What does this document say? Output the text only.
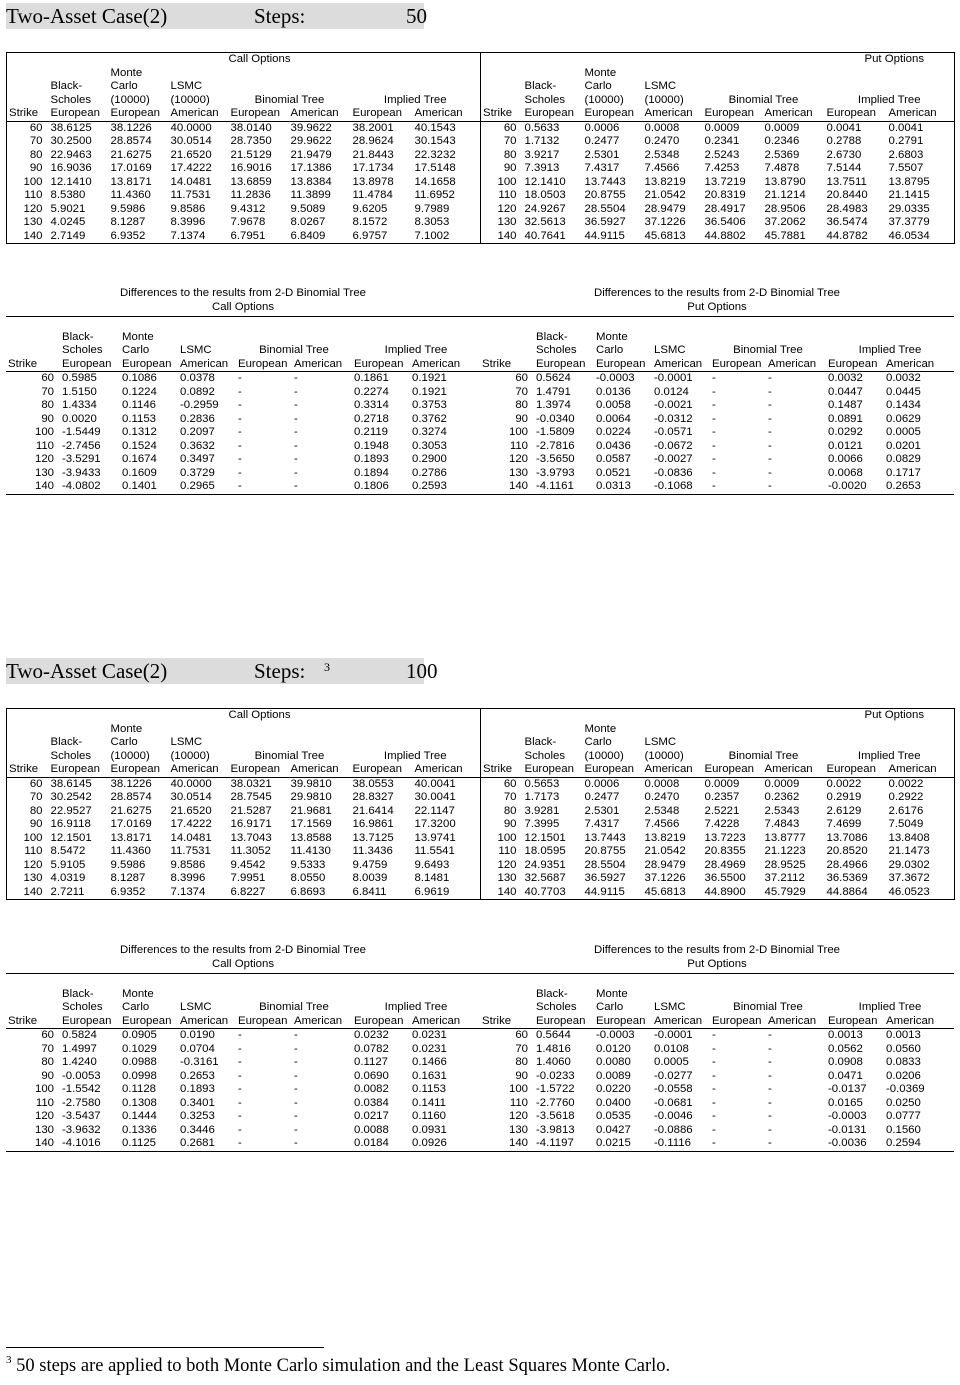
Two-Asset Case(2)	Steps:	50
				Call Options			
		Monte					
	Black-	Carlo	LSMC				
	Scholes	(10000)	(10000)	Binomial Tree		Implied Tree	
Strike	European	European	American	European	American	European	American
60	38.6125	38.1226	40.0000	38.0140	39.9622	38.2001	40.1543
70	30.2500	28.8574	30.0514	28.7350	29.9622	28.9624	30.1543
80	22.9463	21.6275	21.6520	21.5129	21.9479	21.8443	22.3232
90	16.9036	17.0169	17.4222	16.9016	17.1386	17.1734	17.5148
100	12.1410	13.8171	14.0481	13.6859	13.8384	13.8978	14.1658
110	8.5380	11.4360	11.7531	11.2836	11.3899	11.4784	11.6952
120	5.9021	9.5986	9.8586	9.4312	9.5089	9.6205	9.7989
130	4.0245	8.1287	8.3996	7.9678	8.0267	8.1572	8.3053
140	2.7149	6.9352	7.1374	6.7951	6.8409	6.9757	7.1002
				Put Options			
		Monte					
	Black-	Carlo	LSMC				
	Scholes	(10000)	(10000)	Binomial Tree		Implied Tree	
Strike	European	European	American	European	American	European	American
60	0.5633	0.0006	0.0008	0.0009	0.0009	0.0041	0.0041
70	1.7132	0.2477	0.2470	0.2341	0.2346	0.2788	0.2791
80	3.9217	2.5301	2.5348	2.5243	2.5369	2.6730	2.6803
90	7.3913	7.4317	7.4566	7.4253	7.4878	7.5144	7.5507
100	12.1410	13.7443	13.8219	13.7219	13.8790	13.7511	13.8795
110	18.0503	20.8755	21.0542	20.8319	21.1214	20.8440	21.1415
120	24.9267	28.5504	28.9479	28.4917	28.9506	28.4983	29.0335
130	32.5613	36.5927	37.1226	36.5406	37.2062	36.5474	37.3779
140	40.7641	44.9115	45.6813	44.8802	45.7881	44.8782	46.0534
Differences to the results from 2-D Binomial Tree
Call Options

	Black-	Monte					
	Scholes	Carlo	LSMC	Binomial Tree		Implied Tree	
Strike	European	European	American	European	American	European	American
60	0.5985	0.1086	0.0378	-	-	0.1861	0.1921
70	1.5150	0.1224	0.0892	-	-	0.2274	0.1921
80	1.4334	0.1146	-0.2959	-	-	0.3314	0.3753
90	0.0020	0.1153	0.2836	-	-	0.2718	0.3762
100	-1.5449	0.1312	0.2097	-	-	0.2119	0.3274
110	-2.7456	0.1524	0.3632	-	-	0.1948	0.3053
120	-3.5291	0.1674	0.3497	-	-	0.1893	0.2900
130	-3.9433	0.1609	0.3729	-	-	0.1894	0.2786
140	-4.0802	0.1401	0.2965	-	-	0.1806	0.2593
Differences to the results from 2-D Binomial Tree
Put Options

	Black-	Monte					
	Scholes	Carlo	LSMC	Binomial Tree		Implied Tree	
Strike	European	European	American	European	American	European	American
60	0.5624	-0.0003	-0.0001	-	-	0.0032	0.0032
70	1.4791	0.0136	0.0124	-	-	0.0447	0.0445
80	1.3974	0.0058	-0.0021	-	-	0.1487	0.1434
90	-0.0340	0.0064	-0.0312	-	-	0.0891	0.0629
100	-1.5809	0.0224	-0.0571	-	-	0.0292	0.0005
110	-2.7816	0.0436	-0.0672	-	-	0.0121	0.0201
120	-3.5650	0.0587	-0.0027	-	-	0.0066	0.0829
130	-3.9793	0.0521	-0.0836	-	-	0.0068	0.1717
140	-4.1161	0.0313	-0.1068	-	-	-0.0020	0.2653
Two-Asset Case(2)	Steps: 3	100
				Call Options			
		Monte					
	Black-	Carlo	LSMC				
	Scholes	(10000)	(10000)	Binomial Tree		Implied Tree	
Strike	European	European	American	European	American	European	American
60	38.6145	38.1226	40.0000	38.0321	39.9810	38.0553	40.0041
70	30.2542	28.8574	30.0514	28.7545	29.9810	28.8327	30.0041
80	22.9527	21.6275	21.6520	21.5287	21.9681	21.6414	22.1147
90	16.9118	17.0169	17.4222	16.9171	17.1569	16.9861	17.3200
100	12.1501	13.8171	14.0481	13.7043	13.8588	13.7125	13.9741
110	8.5472	11.4360	11.7531	11.3052	11.4130	11.3436	11.5541
120	5.9105	9.5986	9.8586	9.4542	9.5333	9.4759	9.6493
130	4.0319	8.1287	8.3996	7.9951	8.0550	8.0039	8.1481
140	2.7211	6.9352	7.1374	6.8227	6.8693	6.8411	6.9619
				Put Options			
		Monte					
	Black-	Carlo	LSMC				
	Scholes	(10000)	(10000)	Binomial Tree		Implied Tree	
Strike	European	European	American	European	American	European	American
60	0.5653	0.0006	0.0008	0.0009	0.0009	0.0022	0.0022
70	1.7173	0.2477	0.2470	0.2357	0.2362	0.2919	0.2922
80	3.9281	2.5301	2.5348	2.5221	2.5343	2.6129	2.6176
90	7.3995	7.4317	7.4566	7.4228	7.4843	7.4699	7.5049
100	12.1501	13.7443	13.8219	13.7223	13.8777	13.7086	13.8408
110	18.0595	20.8755	21.0542	20.8355	21.1223	20.8520	21.1473
120	24.9351	28.5504	28.9479	28.4969	28.9525	28.4966	29.0302
130	32.5687	36.5927	37.1226	36.5500	37.2112	36.5369	37.3672
140	40.7703	44.9115	45.6813	44.8900	45.7929	44.8864	46.0523
Differences to the results from 2-D Binomial Tree
Call Options

	Black-	Monte					
	Scholes	Carlo	LSMC	Binomial Tree		Implied Tree	
Strike	European	European	American	European	American	European	American
60	0.5824	0.0905	0.0190	-	-	0.0232	0.0231
70	1.4997	0.1029	0.0704	-	-	0.0782	0.0231
80	1.4240	0.0988	-0.3161	-	-	0.1127	0.1466
90	-0.0053	0.0998	0.2653	-	-	0.0690	0.1631
100	-1.5542	0.1128	0.1893	-	-	0.0082	0.1153
110	-2.7580	0.1308	0.3401	-	-	0.0384	0.1411
120	-3.5437	0.1444	0.3253	-	-	0.0217	0.1160
130	-3.9632	0.1336	0.3446	-	-	0.0088	0.0931
140	-4.1016	0.1125	0.2681	-	-	0.0184	0.0926
Differences to the results from 2-D Binomial Tree
Put Options

	Black-	Monte					
	Scholes	Carlo	LSMC	Binomial Tree		Implied Tree	
Strike	European	European	American	European	American	European	American
60	0.5644	-0.0003	-0.0001	-	-	0.0013	0.0013
70	1.4816	0.0120	0.0108	-	-	0.0562	0.0560
80	1.4060	0.0080	0.0005	-	-	0.0908	0.0833
90	-0.0233	0.0089	-0.0277	-	-	0.0471	0.0206
100	-1.5722	0.0220	-0.0558	-	-	-0.0137	-0.0369
110	-2.7760	0.0400	-0.0681	-	-	0.0165	0.0250
120	-3.5618	0.0535	-0.0046	-	-	-0.0003	0.0777
130	-3.9813	0.0427	-0.0886	-	-	-0.0131	0.1560
140	-4.1197	0.0215	-0.1116	-	-	-0.0036	0.2594
$^3$ 50 steps are applied to both Monte Carlo simulation and the Least Squares Monte Carlo.
